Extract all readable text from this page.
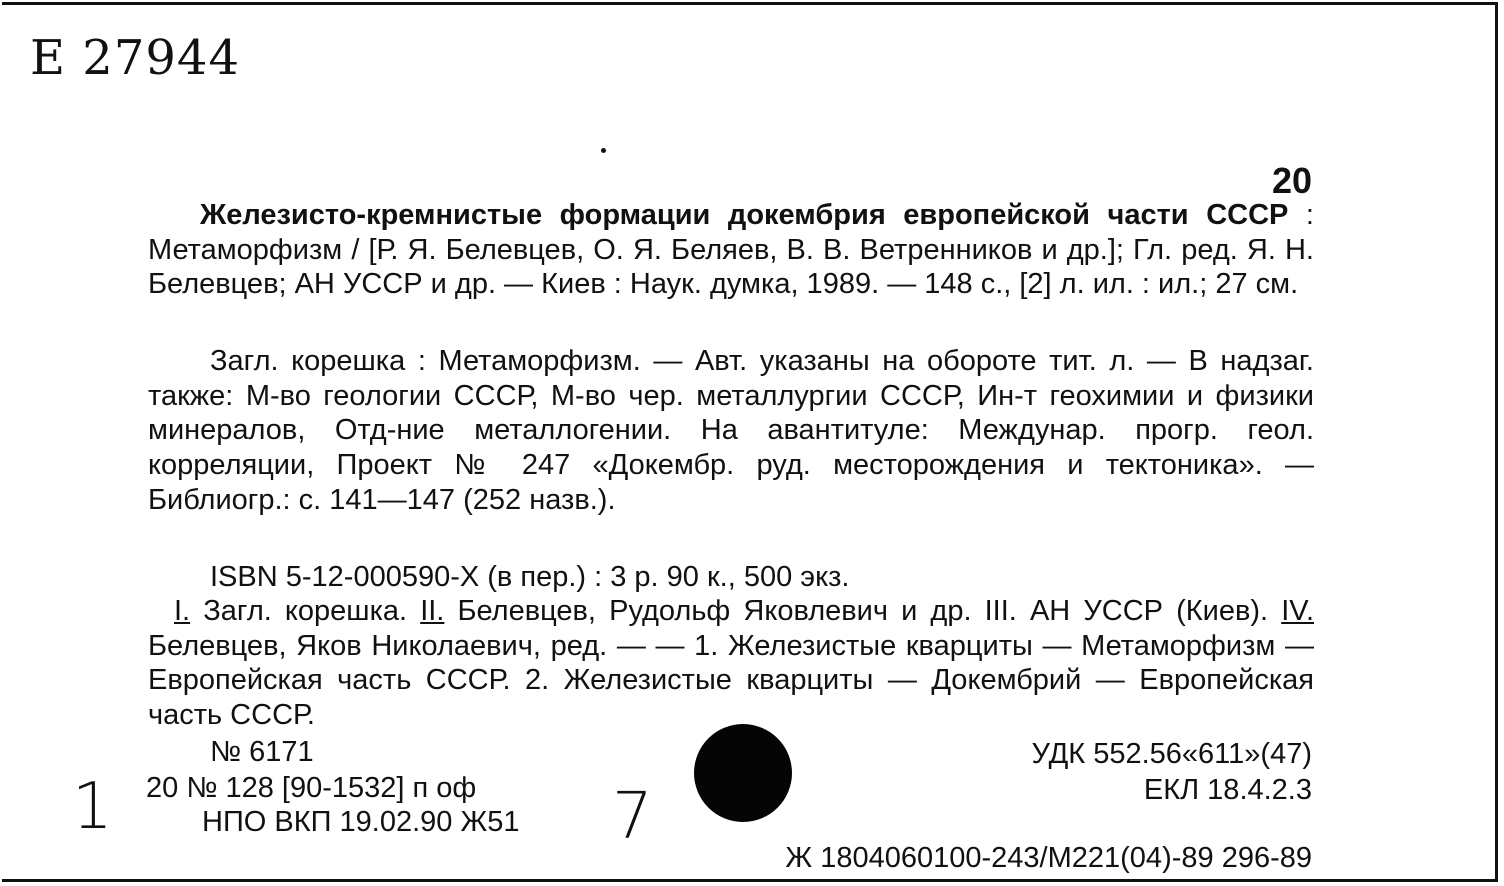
Е 27944
20
Железисто-кремнистые формации докембрия европейской части СССР : Метаморфизм / [Р. Я. Белевцев, О. Я. Беляев, В. В. Ветренников и др.]; Гл. ред. Я. Н. Белевцев; АН УССР и др. — Киев : Наук. думка, 1989. — 148 с., [2] л. ил. : ил.; 27 см.
Загл. корешка : Метаморфизм. — Авт. указаны на обороте тит. л. — В надзаг. также: М-во геологии СССР, М-во чер. металлургии СССР, Ин-т геохимии и физики минералов, Отд-ние металлогении. На авантитуле: Междунар. прогр. геол. корреляции, Проект № 247 «Докембр. руд. месторождения и тектоника». — Библиогр.: с. 141—147 (252 назв.).
ISBN 5-12-000590-X (в пер.) : 3 р. 90 к., 500 экз.
I. Загл. корешка. II. Белевцев, Рудольф Яковлевич и др. III. АН УССР (Киев). IV. Белевцев, Яков Николаевич, ред. — — 1. Железистые кварциты — Метаморфизм — Европейская часть СССР. 2. Железистые кварциты — Докембрий — Европейская часть СССР.
№ 6171	УДК 552.56«611»(47)
20 № 128 [90-1532] п оф	ЕКЛ 18.4.2.3
НПО ВКП 19.02.90 Ж51
Ж 1804060100-243/М221(04)-89 296-89
1	7
